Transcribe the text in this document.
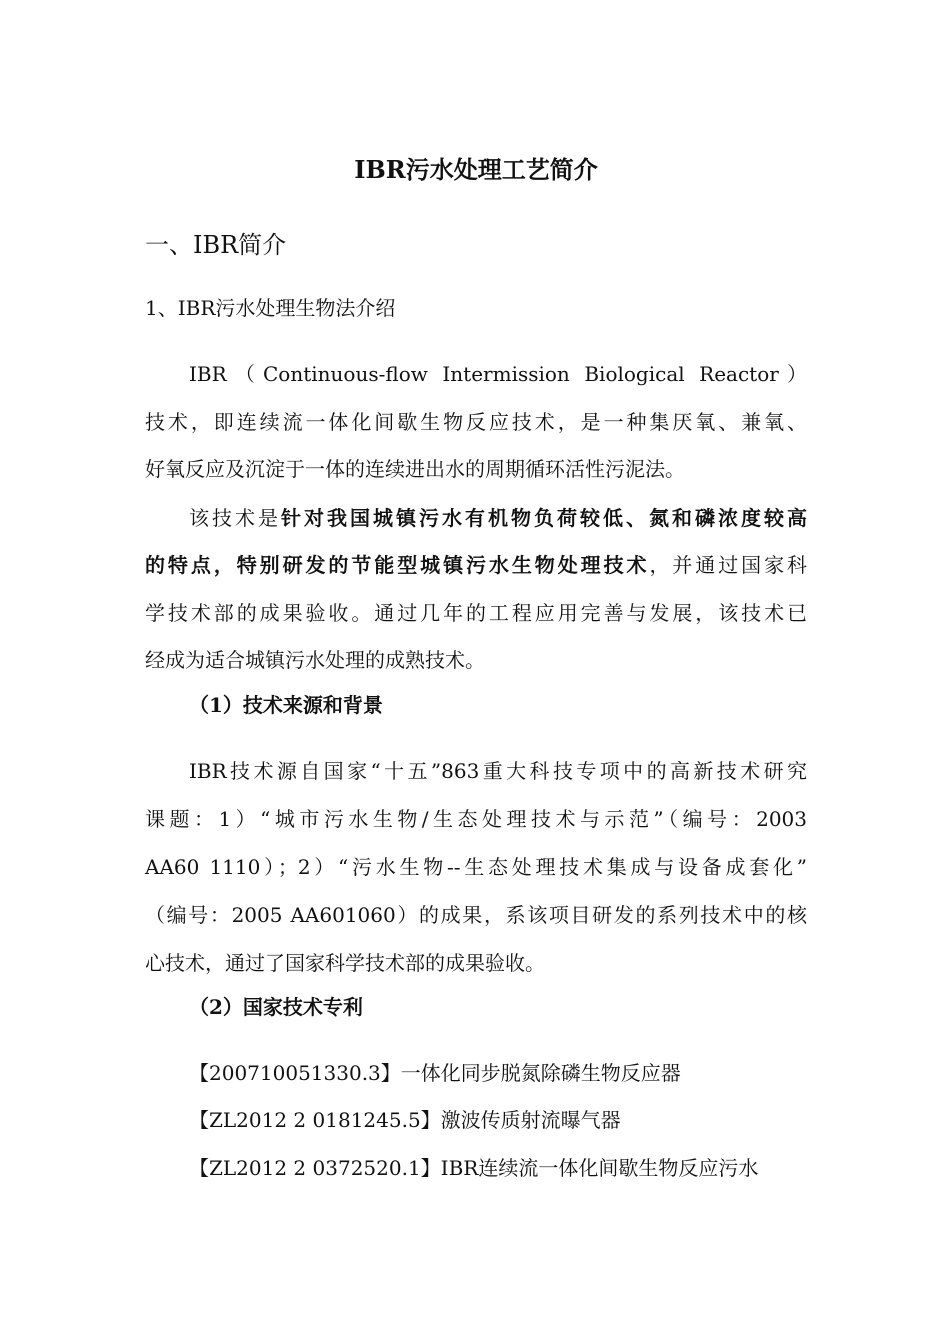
IBR污水处理工艺简介
一、IBR简介
1、IBR污水处理生物法介绍
IBR（Continuous-flow Intermission Biological Reactor）
技术，即连续流一体化间歇生物反应技术，是一种集厌氧、兼氧、
好氧反应及沉淀于一体的连续进出水的周期循环活性污泥法。
该技术是针对我国城镇污水有机物负荷较低、氮和磷浓度较高
的特点，特别研发的节能型城镇污水生物处理技术，并通过国家科
学技术部的成果验收。通过几年的工程应用完善与发展，该技术已
经成为适合城镇污水处理的成熟技术。
（1）技术来源和背景
IBR技术源自国家“十五”863重大科技专项中的高新技术研究
课题：1）“城市污水生物/生态处理技术与示范”（编号：2003
AA60 1110）；2）“污水生物--生态处理技术集成与设备成套化”
（编号：2005 AA601060）的成果，系该项目研发的系列技术中的核
心技术，通过了国家科学技术部的成果验收。
（2）国家技术专利
【200710051330.3】一体化同步脱氮除磷生物反应器
【ZL2012 2 0181245.5】激波传质射流曝气器
【ZL2012 2 0372520.1】IBR连续流一体化间歇生物反应污水
